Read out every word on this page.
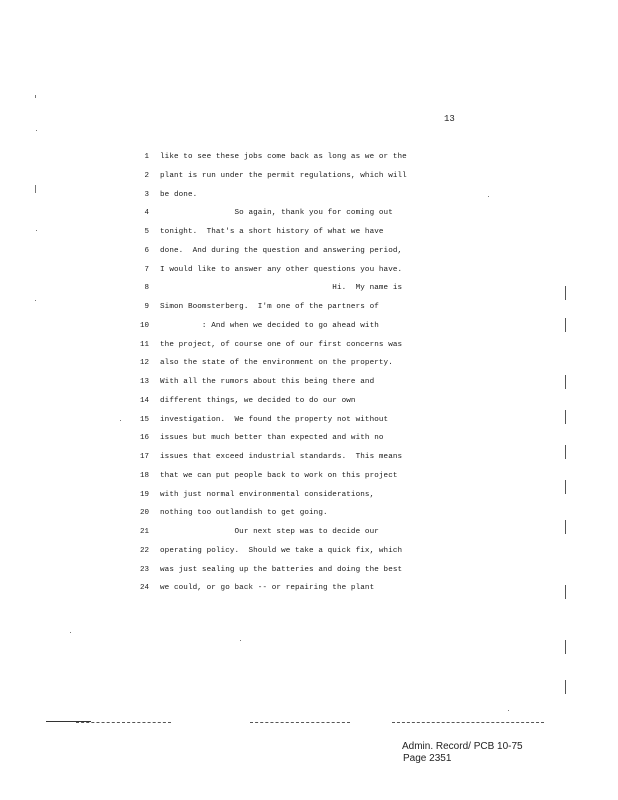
13
1 like to see these jobs come back as long as we or the
2 plant is run under the permit regulations, which will
3 be done.
4 So again, thank you for coming out
5 tonight.  That's a short history of what we have
6 done.  And during the question and answering period,
7 I would like to answer any other questions you have.
8 Hi.  My name is
9 Simon Boomsterberg.  I'm one of the partners of
10 : And when we decided to go ahead with
11 the project, of course one of our first concerns was
12 also the state of the environment on the property.
13 With all the rumors about this being there and
14 different things, we decided to do our own
15 investigation.  We found the property not without
16 issues but much better than expected and with no
17 issues that exceed industrial standards.  This means
18 that we can put people back to work on this project
19 with just normal environmental considerations,
20 nothing too outlandish to get going.
21 Our next step was to decide our
22 operating policy.  Should we take a quick fix, which
23 was just sealing up the batteries and doing the best
24 we could, or go back -- or repairing the plant
Admin. Record/ PCB 10-75
Page 2351
